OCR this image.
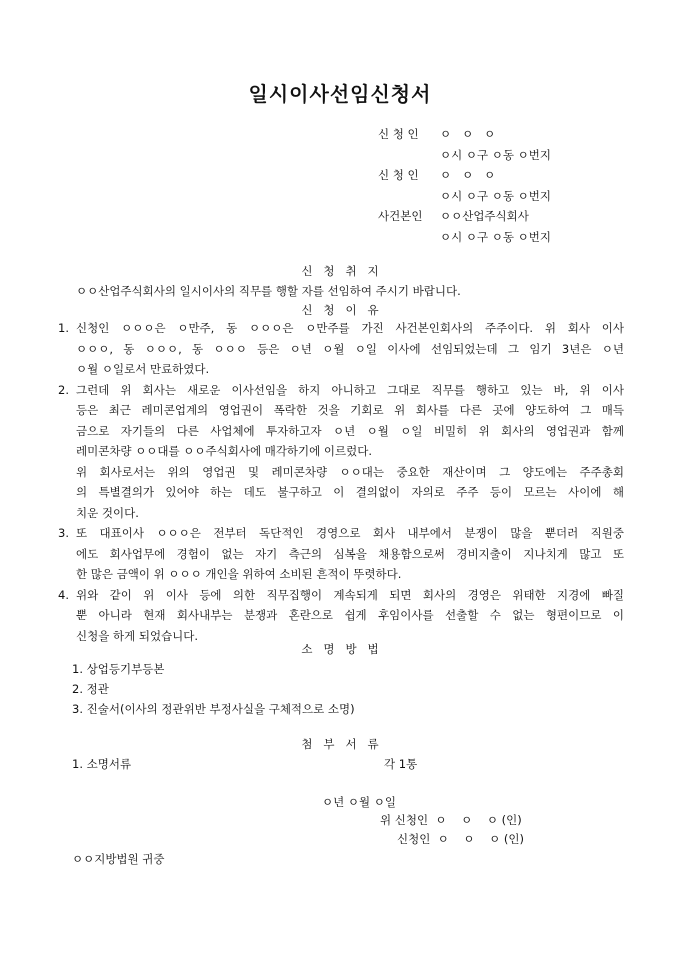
일시이사선임신청서
신 청 인 ㅇ   ㅇ   ㅇ
ㅇ시 ㅇ구 ㅇ동 ㅇ번지
신 청 인 ㅇ   ㅇ   ㅇ
ㅇ시 ㅇ구 ㅇ동 ㅇ번지
사건본인 ㅇㅇ산업주식회사
ㅇ시 ㅇ구 ㅇ동 ㅇ번지
신   청   취   지
ㅇㅇ산업주식회사의 일시이사의 직무를 행할 자를 선임하여 주시기 바랍니다.
신   청   이   유
1. 신청인 ㅇㅇㅇ은 ㅇ만주, 동 ㅇㅇㅇ은 ㅇ만주를 가진 사건본인회사의 주주이다. 위 회사 이사
ㅇㅇㅇ, 동 ㅇㅇㅇ, 동 ㅇㅇㅇ 등은 ㅇ년 ㅇ월 ㅇ일 이사에 선임되었는데 그 임기 3년은 ㅇ년
ㅇ월 ㅇ일로서 만료하였다.
2. 그런데 위 회사는 새로운 이사선임을 하지 아니하고 그대로 직무를 행하고 있는 바, 위 이사
등은 최근 레미콘업계의 영업권이 폭락한 것을 기회로 위 회사를 다른 곳에 양도하여 그 매득
금으로 자기들의 다른 사업체에 투자하고자 ㅇ년 ㅇ월 ㅇ일 비밀히 위 회사의 영업권과 함께
레미콘차량 ㅇㅇ대를 ㅇㅇ주식회사에 매각하기에 이르렀다.
위 회사로서는 위의 영업권 및 레미콘차량 ㅇㅇ대는 중요한 재산이며 그 양도에는 주주총회
의 특별결의가 있어야 하는 데도 불구하고 이 결의없이 자의로 주주 등이 모르는 사이에 해
치운 것이다.
3. 또 대표이사 ㅇㅇㅇ은 전부터 독단적인 경영으로 회사 내부에서 분쟁이 많을 뿐더러 직원중
에도 회사업무에 경험이 없는 자기 측근의 심복을 채용함으로써 경비지출이 지나치게 많고 또
한 많은 금액이 위 ㅇㅇㅇ 개인을 위하여 소비된 흔적이 뚜렷하다.
4. 위와 같이 위 이사 등에 의한 직무집행이 계속되게 되면 회사의 경영은 위태한 지경에 빠질
뿐 아니라 현재 회사내부는 분쟁과 혼란으로 쉽게 후임이사를 선출할 수 없는 형편이므로 이
신청을 하게 되었습니다.
소   명   방   법
1. 상업등기부등본
2. 정관
3. 진술서(이사의 정관위반 부정사실을 구체적으로 소명)
첨   부   서   류
1. 소명서류	각 1통
ㅇ년 ㅇ월 ㅇ일
위 신청인  ㅇ    ㅇ    ㅇ (인)
신청인  ㅇ    ㅇ    ㅇ (인)
ㅇㅇ지방법원 귀중
